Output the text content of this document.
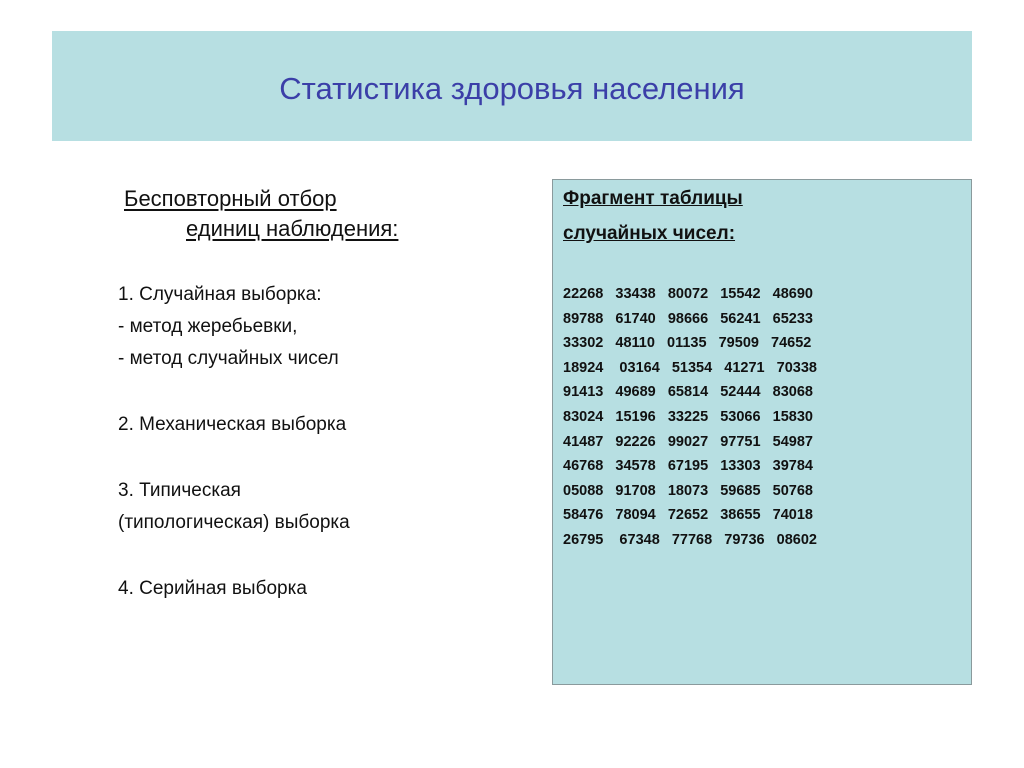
Статистика здоровья населения
Бесповторный отбор
единиц наблюдения:
1. Случайная выборка:
- метод жеребьевки,
- метод случайных чисел
2. Механическая выборка
3. Типическая
(типологическая) выборка
4. Серийная выборка
Фрагмент таблицы
случайных чисел:
22268   33438   80072   15542   48690
89788   61740   98666   56241   65233
33302   48110   01135   79509   74652
18924    03164   51354   41271   70338
91413   49689   65814   52444   83068
83024   15196   33225   53066   15830
41487   92226   99027   97751   54987
46768   34578   67195   13303   39784
05088   91708   18073   59685   50768
58476   78094   72652   38655   74018
26795    67348   77768   79736   08602
